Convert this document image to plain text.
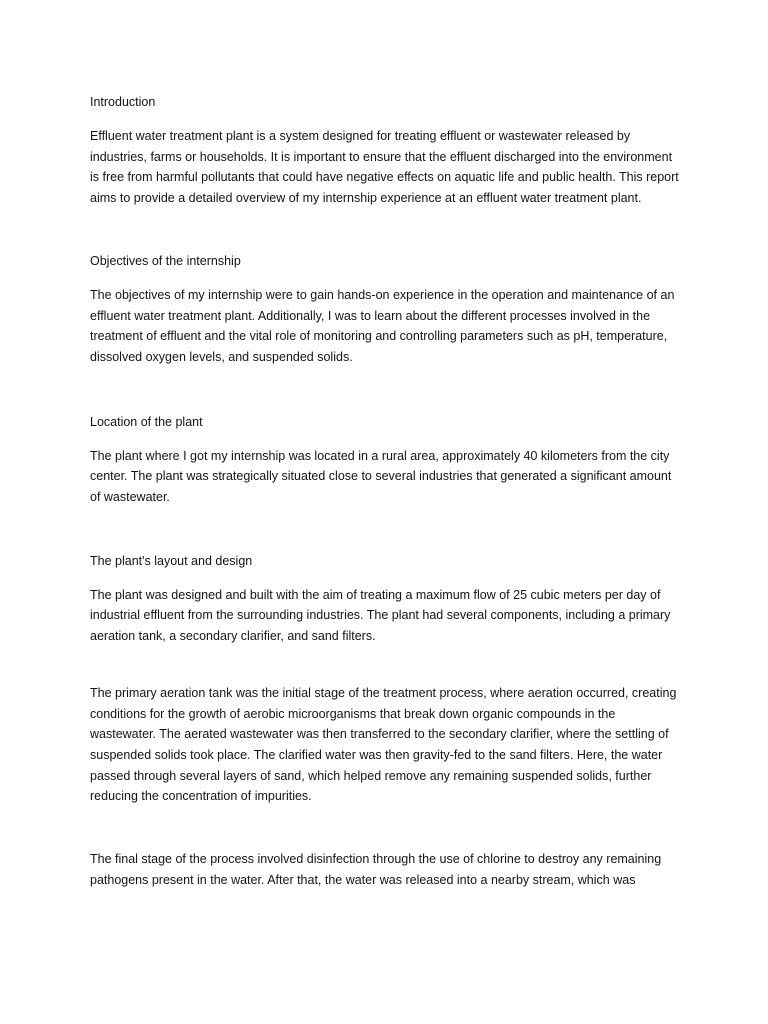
Introduction

Effluent water treatment plant is a system designed for treating effluent or wastewater released by industries, farms or households. It is important to ensure that the effluent discharged into the environment is free from harmful pollutants that could have negative effects on aquatic life and public health. This report aims to provide a detailed overview of my internship experience at an effluent water treatment plant.

Objectives of the internship

The objectives of my internship were to gain hands-on experience in the operation and maintenance of an effluent water treatment plant. Additionally, I was to learn about the different processes involved in the treatment of effluent and the vital role of monitoring and controlling parameters such as pH, temperature, dissolved oxygen levels, and suspended solids.

Location of the plant

The plant where I got my internship was located in a rural area, approximately 40 kilometers from the city center. The plant was strategically situated close to several industries that generated a significant amount of wastewater.

The plant's layout and design

The plant was designed and built with the aim of treating a maximum flow of 25 cubic meters per day of industrial effluent from the surrounding industries. The plant had several components, including a primary aeration tank, a secondary clarifier, and sand filters.

The primary aeration tank was the initial stage of the treatment process, where aeration occurred, creating conditions for the growth of aerobic microorganisms that break down organic compounds in the wastewater. The aerated wastewater was then transferred to the secondary clarifier, where the settling of suspended solids took place. The clarified water was then gravity-fed to the sand filters. Here, the water passed through several layers of sand, which helped remove any remaining suspended solids, further reducing the concentration of impurities.

The final stage of the process involved disinfection through the use of chlorine to destroy any remaining pathogens present in the water. After that, the water was released into a nearby stream, which was
